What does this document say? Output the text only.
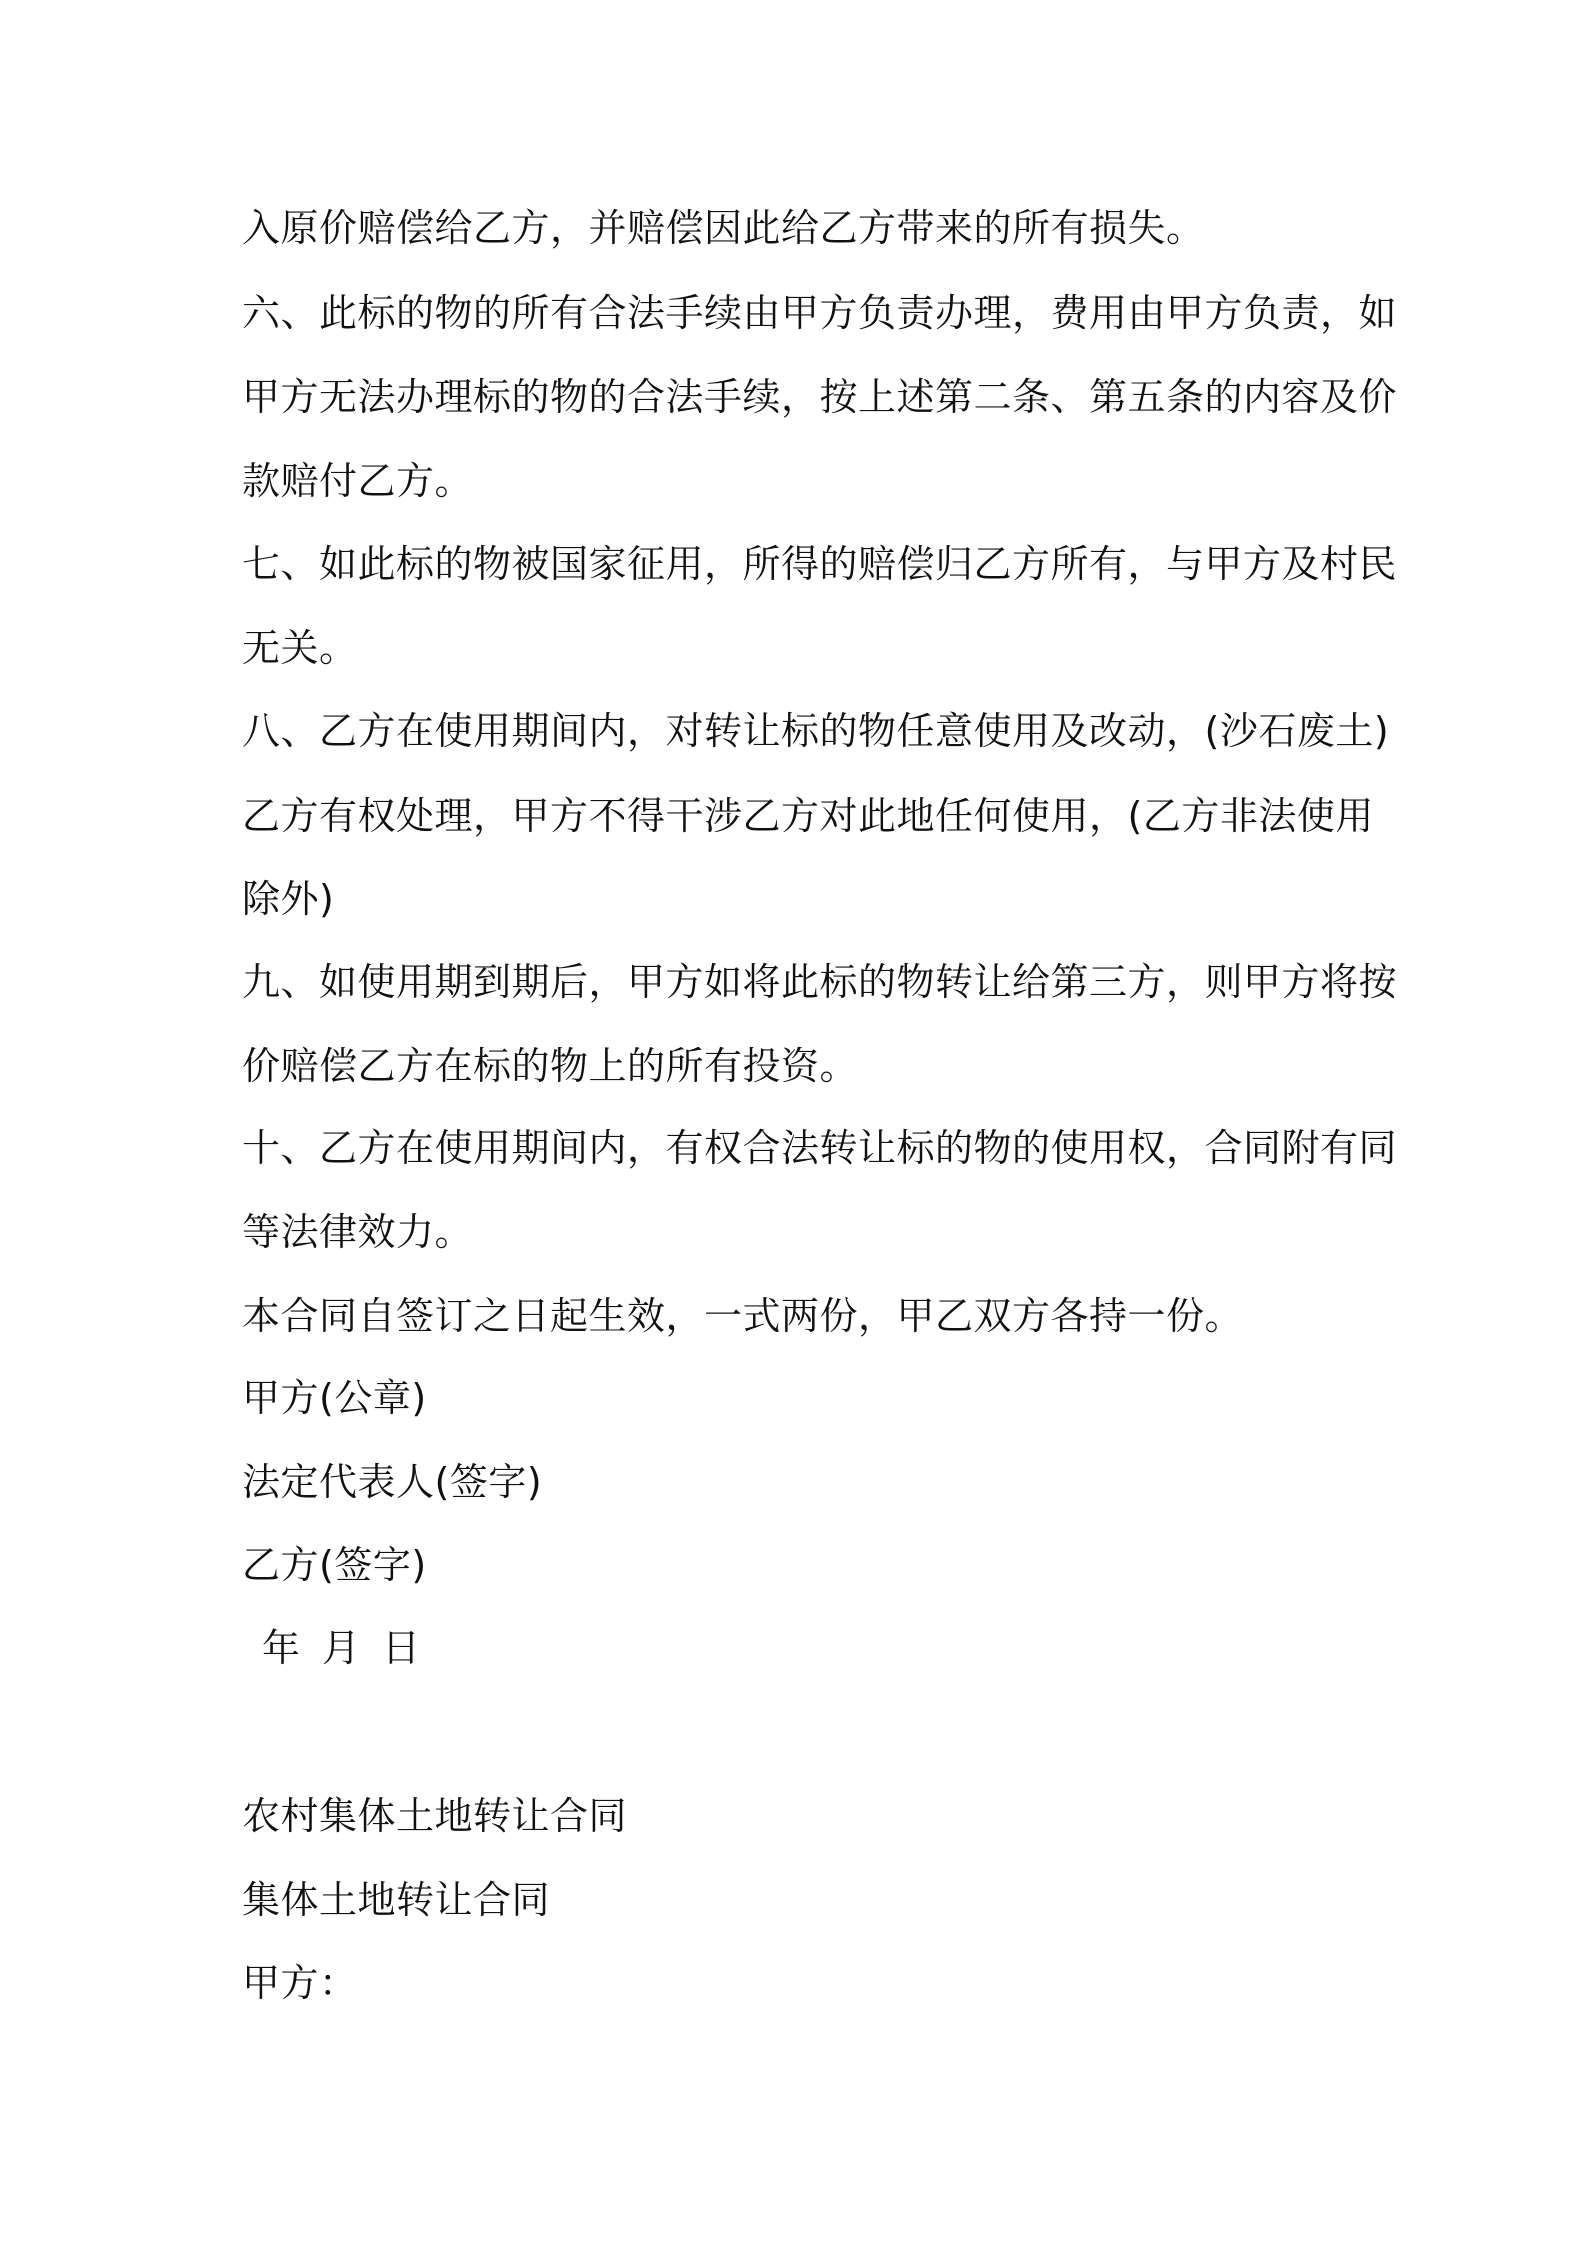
入原价赔偿给乙方，并赔偿因此给乙方带来的所有损失。
六、此标的物的所有合法手续由甲方负责办理，费用由甲方负责，如
甲方无法办理标的物的合法手续，按上述第二条、第五条的内容及价
款赔付乙方。
七、如此标的物被国家征用，所得的赔偿归乙方所有，与甲方及村民
无关。
八、乙方在使用期间内，对转让标的物任意使用及改动，(沙石废土)
乙方有权处理，甲方不得干涉乙方对此地任何使用，(乙方非法使用
除外)
九、如使用期到期后，甲方如将此标的物转让给第三方，则甲方将按
价赔偿乙方在标的物上的所有投资。
十、乙方在使用期间内，有权合法转让标的物的使用权，合同附有同
等法律效力。
本合同自签订之日起生效，一式两份，甲乙双方各持一份。
甲方(公章)
法定代表人(签字)
乙方(签字)
年 月 日
农村集体土地转让合同
集体土地转让合同
甲方：
